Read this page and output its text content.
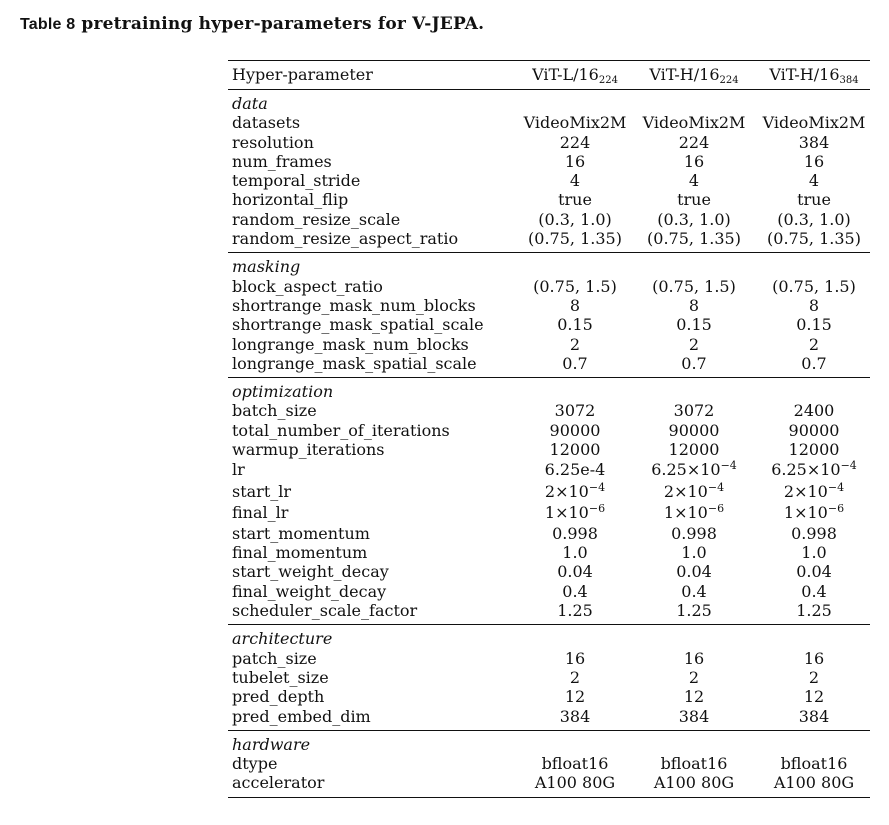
Table 8 pretraining hyper-parameters for V-JEPA.
Hyper-parameter	ViT-$L/16_{224}$	ViT-$H/16_{224}$	ViT-$H/16_{384}$
data
datasets	VideoMix2M	VideoMix2M	VideoMix2M
resolution	224	224	384
num_frames	16	16	16
temporal_stride	4	4	4
horizontal_flip	true	true	true
random_resize_scale	(0.3, 1.0)	(0.3, 1.0)	(0.3, 1.0)
random_resize_aspect_ratio	(0.75, 1.35)	(0.75, 1.35)	(0.75, 1.35)
masking
block_aspect_ratio	(0.75, 1.5)	(0.75, 1.5)	(0.75, 1.5)
shortrange_mask_num_blocks	8	8	8
shortrange_mask_spatial_scale	0.15	0.15	0.15
longrange_mask_num_blocks	2	2	2
longrange_mask_spatial_scale	0.7	0.7	0.7
optimization
batch_size	3072	3072	2400
total_number_of_iterations	90000	90000	90000
warmup_iterations	12000	12000	12000
lr	6.25e-4	$6.25\times 10^{-4}$	$6.25\times 10^{-4}$
start_lr	$2\times 10^{-4}$	$2\times 10^{-4}$	$2\times 10^{-4}$
final_lr	$1\times 10^{-6}$	$1\times 10^{-6}$	$1\times 10^{-6}$
start_momentum	0.998	0.998	0.998
final_momentum	1.0	1.0	1.0
start_weight_decay	0.04	0.04	0.04
final_weight_decay	0.4	0.4	0.4
scheduler_scale_factor	1.25	1.25	1.25
architecture
patch_size	16	16	16
tubelet_size	2	2	2
pred_depth	12	12	12
pred_embed_dim	384	384	384
hardware
dtype	bfloat16	bfloat16	bfloat16
accelerator	A100 80G	A100 80G	A100 80G
